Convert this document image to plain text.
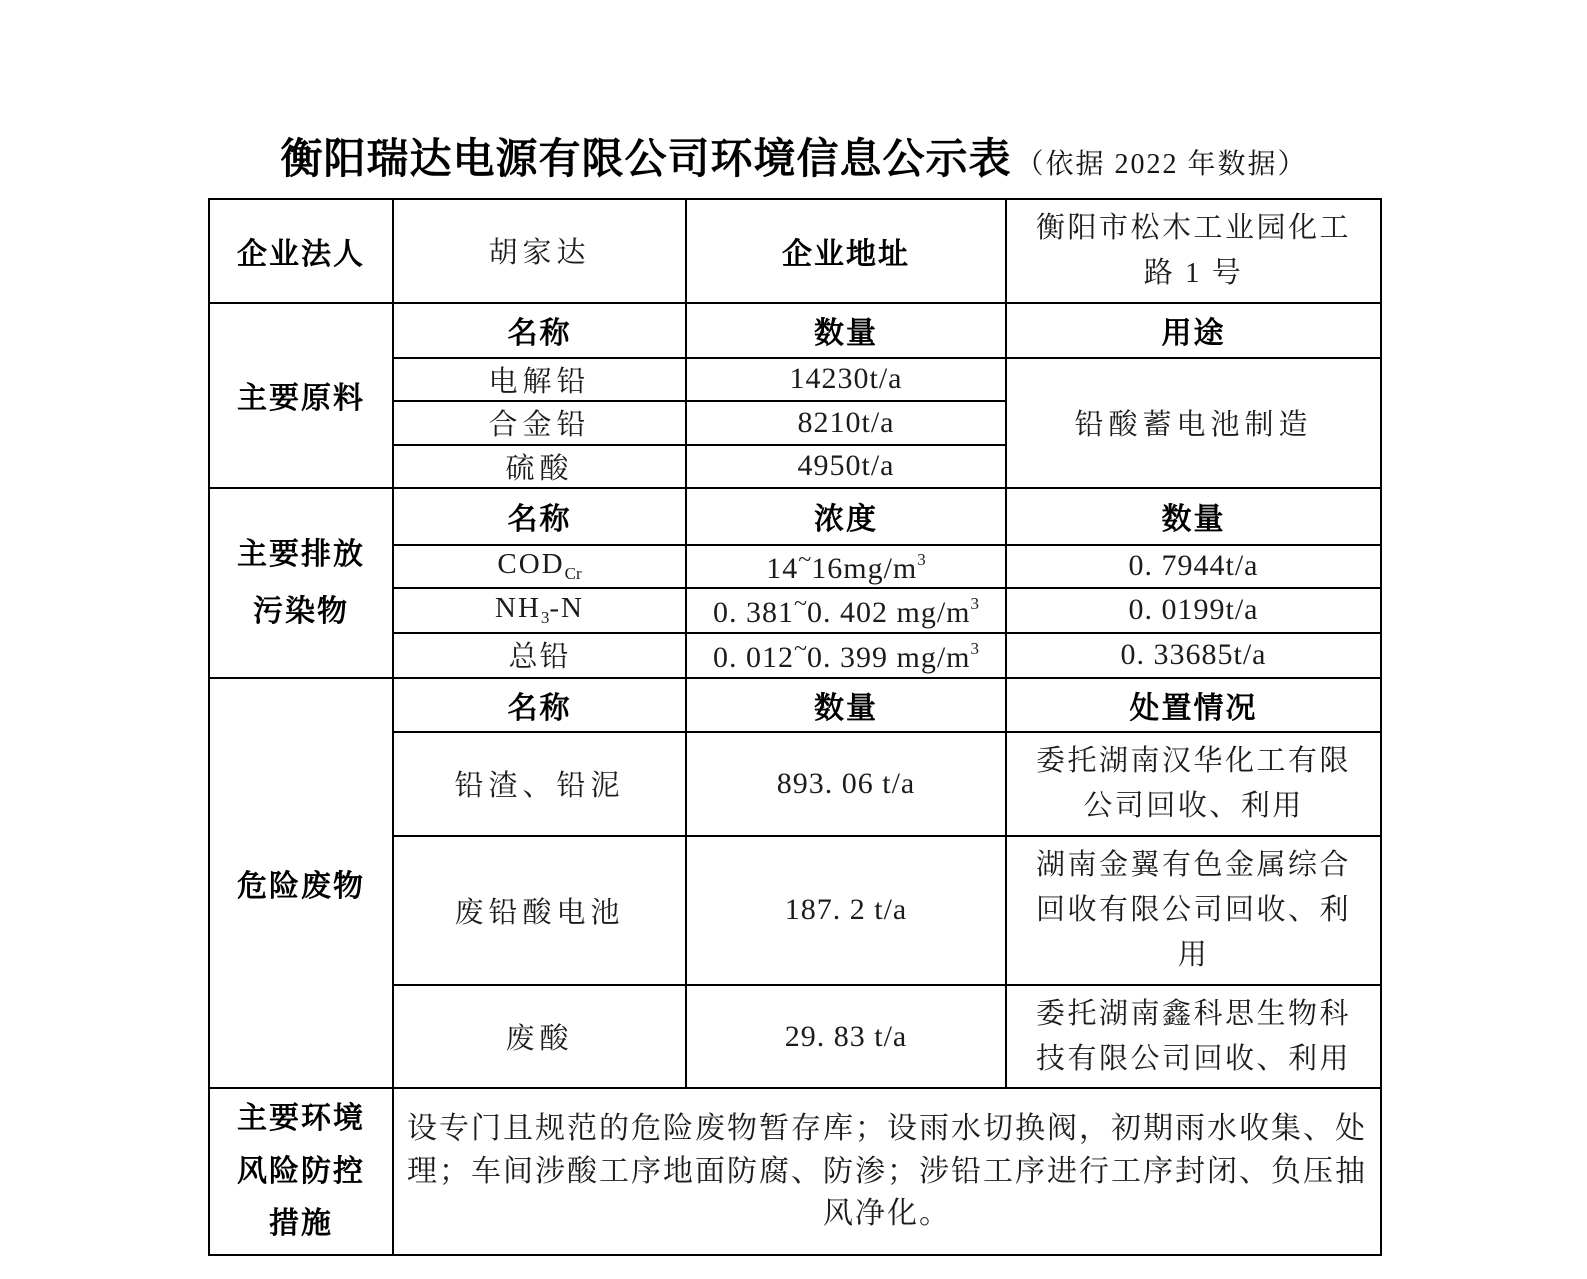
衡阳瑞达电源有限公司环境信息公示表 （依据 2022 年数据）
企业法人	胡家达	企业地址	衡阳市松木工业园化工路 1 号
主要原料	名称	数量	用途
	电解铅	14230t/a	铅酸蓄电池制造
	合金铅	8210t/a	
	硫酸	4950t/a	

主要排放
污染物	名称	浓度	数量
	$COD_{Cr}$	$14^\sim 16mg/m^3$	0. 7944t/a
	$NH_3-N$	0. 381~0. 402 $mg/m^3$	0. 0199t/a
	总铅	0. 012~0. 399 $mg/m^3$	0. 33685t/a
危险废物	名称	数量	处置情况
	铅渣、铅泥	893. 06 t/a	委托湖南汉华化工有限公司回收、利用
	废铅酸电池	187. 2 t/a	湖南金翼有色金属综合回收有限公司回收、利用
	废酸	29. 83 t/a	委托湖南鑫科思生物科技有限公司回收、利用

主要环境
风险防控
措施	设专门且规范的危险废物暂存库；设雨水切换阀，初期雨水收集、处理；车间涉酸工序地面防腐、防渗；涉铅工序进行工序封闭、负压抽风净化。		
